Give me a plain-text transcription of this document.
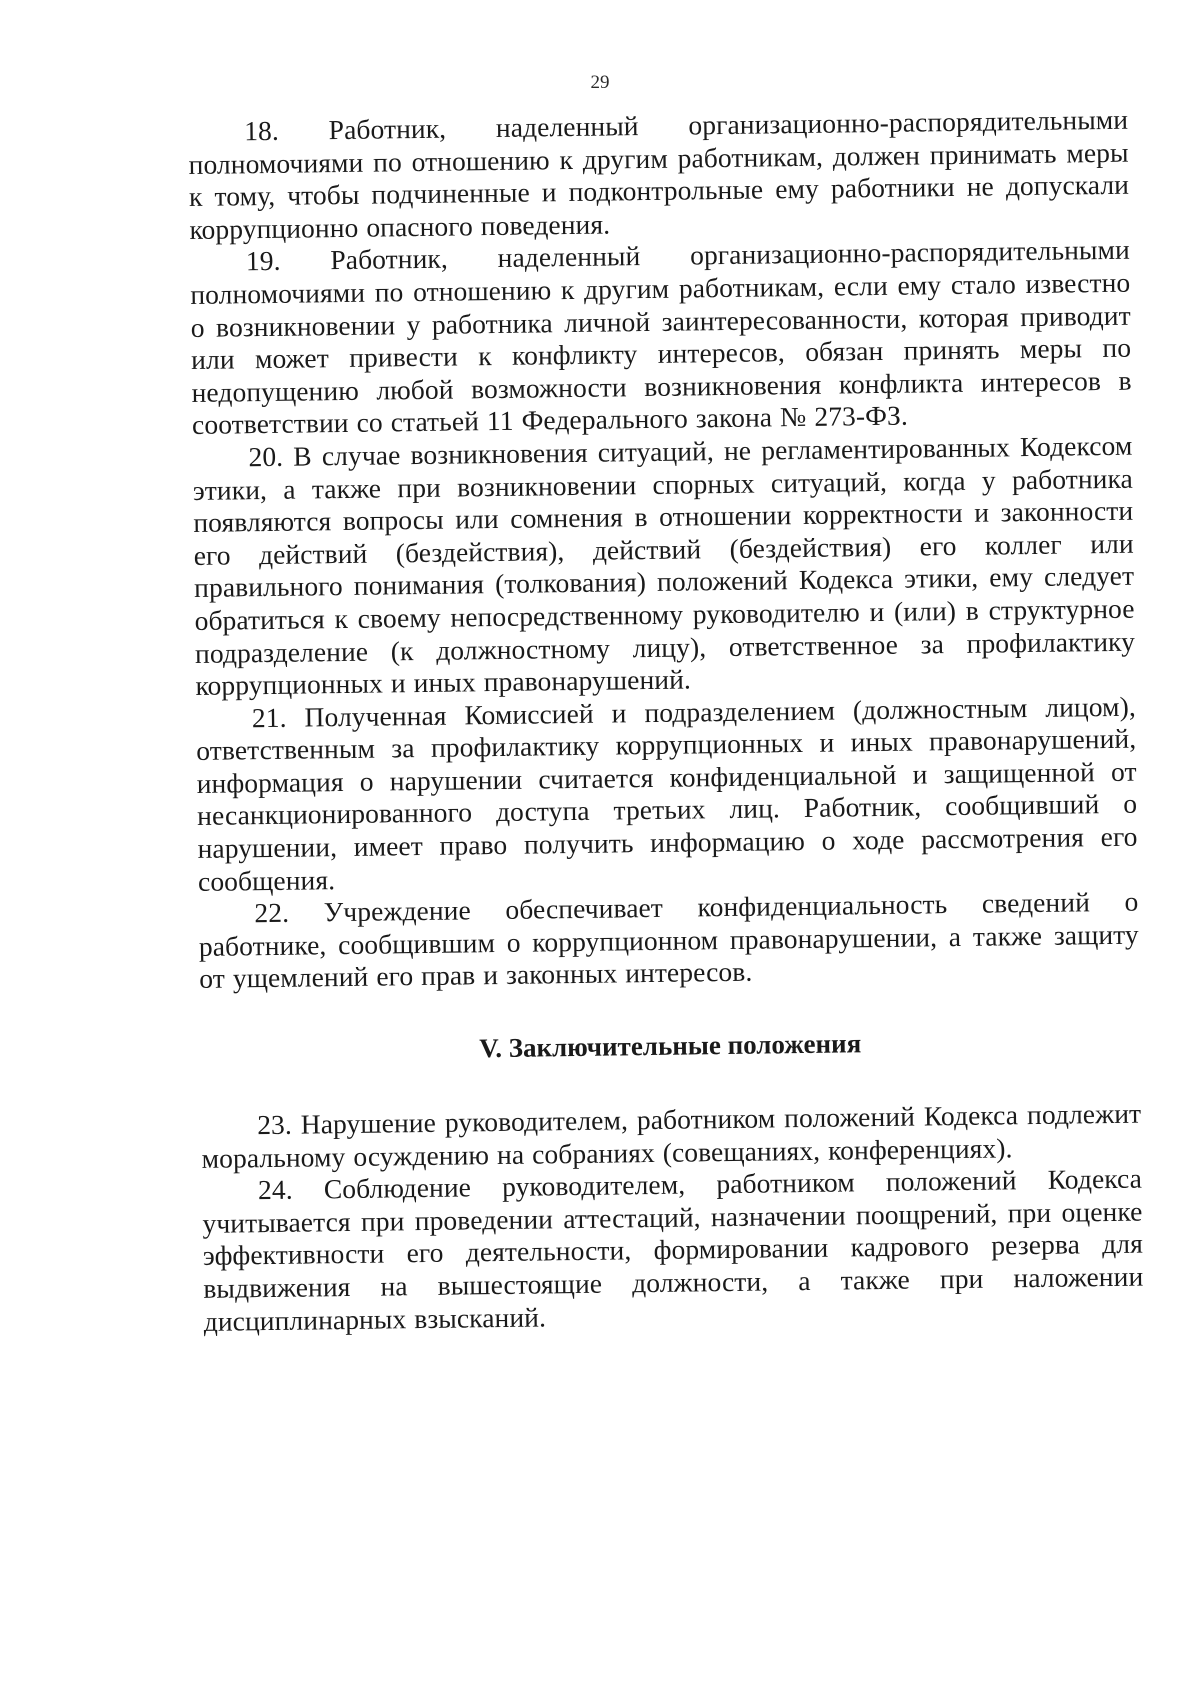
29

18. Работник, наделенный организационно-распорядительными полномочиями по отношению к другим работникам, должен принимать меры к тому, чтобы подчиненные и подконтрольные ему работники не допускали коррупционно опасного поведения.

19. Работник, наделенный организационно-распорядительными полномочиями по отношению к другим работникам, если ему стало известно о возникновении у работника личной заинтересованности, которая приводит или может привести к конфликту интересов, обязан принять меры по недопущению любой возможности возникновения конфликта интересов в соответствии со статьей 11 Федерального закона № 273-ФЗ.

20. В случае возникновения ситуаций, не регламентированных Кодексом этики, а также при возникновении спорных ситуаций, когда у работника появляются вопросы или сомнения в отношении корректности и законности его действий (бездействия), действий (бездействия) его коллег или правильного понимания (толкования) положений Кодекса этики, ему следует обратиться к своему непосредственному руководителю и (или) в структурное подразделение (к должностному лицу), ответственное за профилактику коррупционных и иных правонарушений.

21. Полученная Комиссией и подразделением (должностным лицом), ответственным за профилактику коррупционных и иных правонарушений, информация о нарушении считается конфиденциальной и защищенной от несанкционированного доступа третьих лиц. Работник, сообщивший о нарушении, имеет право получить информацию о ходе рассмотрения его сообщения.

22. Учреждение обеспечивает конфиденциальность сведений о работнике, сообщившим о коррупционном правонарушении, а также защиту от ущемлений его прав и законных интересов.

V. Заключительные положения

23. Нарушение руководителем, работником положений Кодекса подлежит моральному осуждению на собраниях (совещаниях, конференциях).

24. Соблюдение руководителем, работником положений Кодекса учитывается при проведении аттестаций, назначении поощрений, при оценке эффективности его деятельности, формировании кадрового резерва для выдвижения на вышестоящие должности, а также при наложении дисциплинарных взысканий.
